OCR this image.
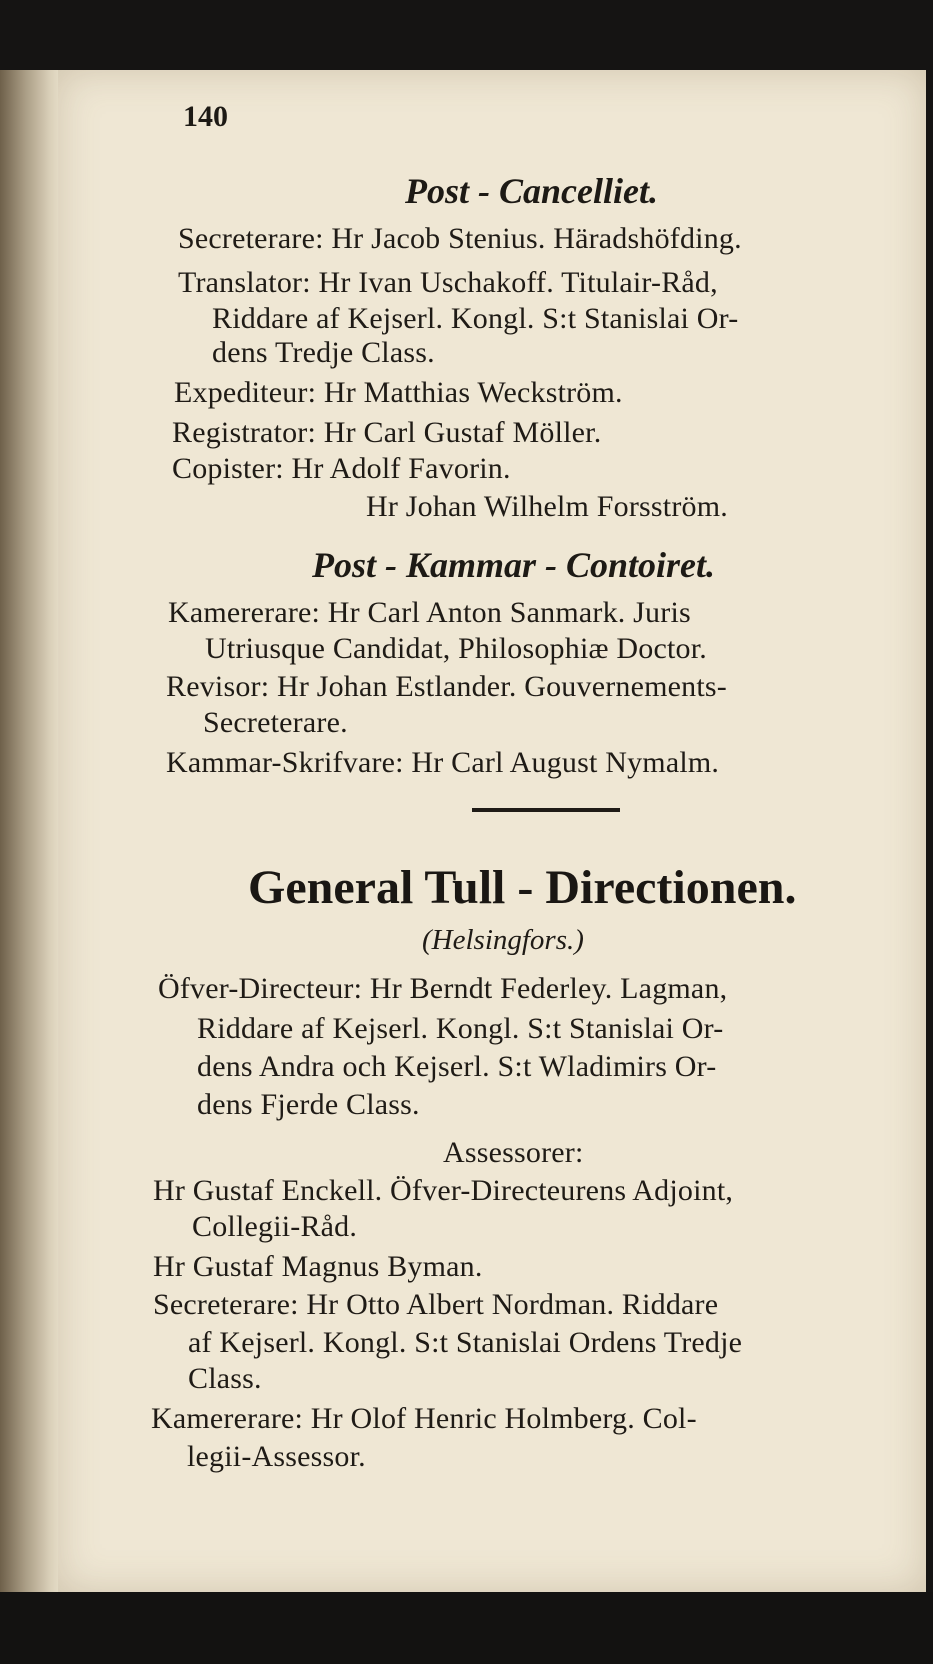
140
Post - Cancelliet.
Secreterare: Hr Jacob Stenius. Häradshöfding.
Translator: Hr Ivan Uschakoff. Titulair-Råd,
Riddare af Kejserl. Kongl. S:t Stanislai Or-
dens Tredje Class.
Expediteur: Hr Matthias Weckström.
Registrator: Hr Carl Gustaf Möller.
Copister: Hr Adolf Favorin.
Hr Johan Wilhelm Forsström.
Post - Kammar - Contoiret.
Kamererare: Hr Carl Anton Sanmark. Juris
Utriusque Candidat, Philosophiæ Doctor.
Revisor: Hr Johan Estlander. Gouvernements-
Secreterare.
Kammar-Skrifvare: Hr Carl August Nymalm.
General Tull - Directionen.
(Helsingfors.)
Öfver-Directeur: Hr Berndt Federley. Lagman,
Riddare af Kejserl. Kongl. S:t Stanislai Or-
dens Andra och Kejserl. S:t Wladimirs Or-
dens Fjerde Class.
Assessorer:
Hr Gustaf Enckell. Öfver-Directeurens Adjoint,
Collegii-Råd.
Hr Gustaf Magnus Byman.
Secreterare: Hr Otto Albert Nordman. Riddare
af Kejserl. Kongl. S:t Stanislai Ordens Tredje
Class.
Kamererare: Hr Olof Henric Holmberg. Col-
legii-Assessor.
